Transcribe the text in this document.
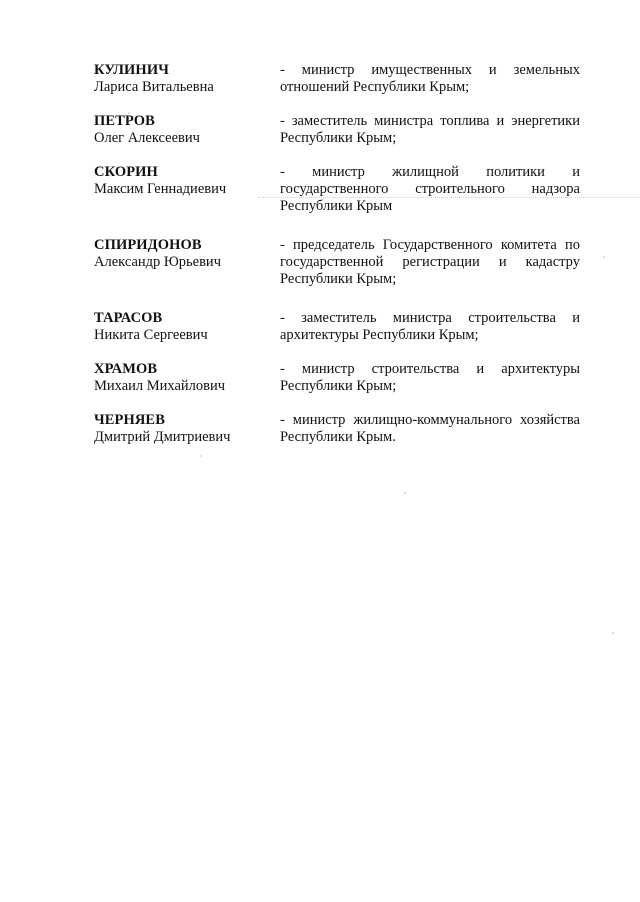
КУЛИНИЧ
Лариса Витальевна
- министр имущественных и земельных отношений Республики Крым;
ПЕТРОВ
Олег Алексеевич
- заместитель министра топлива и энергетики Республики Крым;
СКОРИН
Максим Геннадиевич
- министр жилищной политики и государственного строительного надзора Республики Крым
СПИРИДОНОВ
Александр Юрьевич
- председатель Государственного комитета по государственной регистрации и кадастру Республики Крым;
ТАРАСОВ
Никита Сергеевич
- заместитель министра строительства и архитектуры Республики Крым;
ХРАМОВ
Михаил Михайлович
- министр строительства и архитектуры Республики Крым;
ЧЕРНЯЕВ
Дмитрий Дмитриевич
- министр жилищно-коммунального хозяйства Республики Крым.
